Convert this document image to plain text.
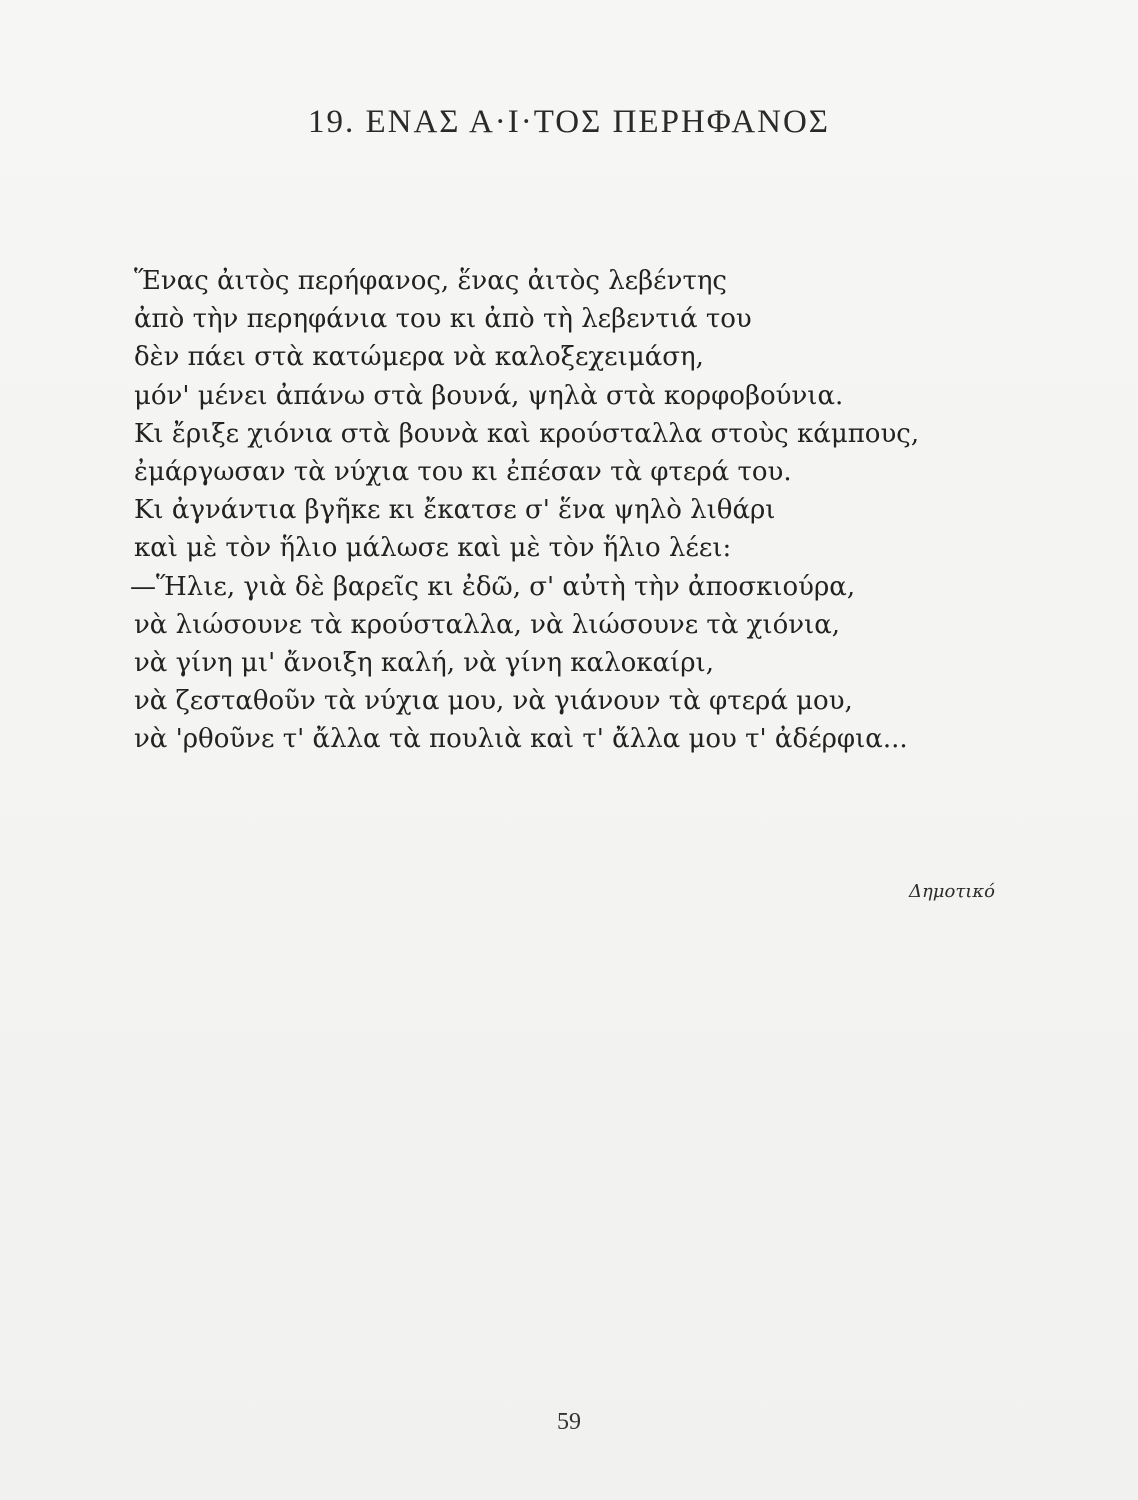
19. ΕΝΑΣ Α·Ι·ΤΟΣ ΠΕΡΗΦΑΝΟΣ
Ἕνας ἀιτὸς περήφανος, ἕνας ἀιτὸς λεβέντης
ἀπὸ τὴν περηφάνια του κι ἀπὸ τὴ λεβεντιά του
δὲν πάει στὰ κατώμερα νὰ καλοξεχειμάση,
μόν' μένει ἀπάνω στὰ βουνά, ψηλὰ στὰ κορφοβούνια.
Κι ἔριξε χιόνια στὰ βουνὰ καὶ κρούσταλλα στοὺς κάμπους,
ἐμάργωσαν τὰ νύχια του κι ἐπέσαν τὰ φτερά του.
Κι ἀγνάντια βγῆκε κι ἔκατσε σ' ἕνα ψηλὸ λιθάρι
καὶ μὲ τὸν ἥλιο μάλωσε καὶ μὲ τὸν ἥλιο λέει:
—Ἥλιε, γιὰ δὲ βαρεῖς κι ἐδῶ, σ' αὐτὴ τὴν ἀποσκιούρα,
νὰ λιώσουνε τὰ κρούσταλλα, νὰ λιώσουνε τὰ χιόνια,
νὰ γίνη μι' ἄνοιξη καλή, νὰ γίνη καλοκαίρι,
νὰ ζεσταθοῦν τὰ νύχια μου, νὰ γιάνουν τὰ φτερά μου,
νὰ 'ρθοῦνε τ' ἄλλα τὰ πουλιὰ καὶ τ' ἄλλα μου τ' ἀδέρφια...
Δημοτικό
59
